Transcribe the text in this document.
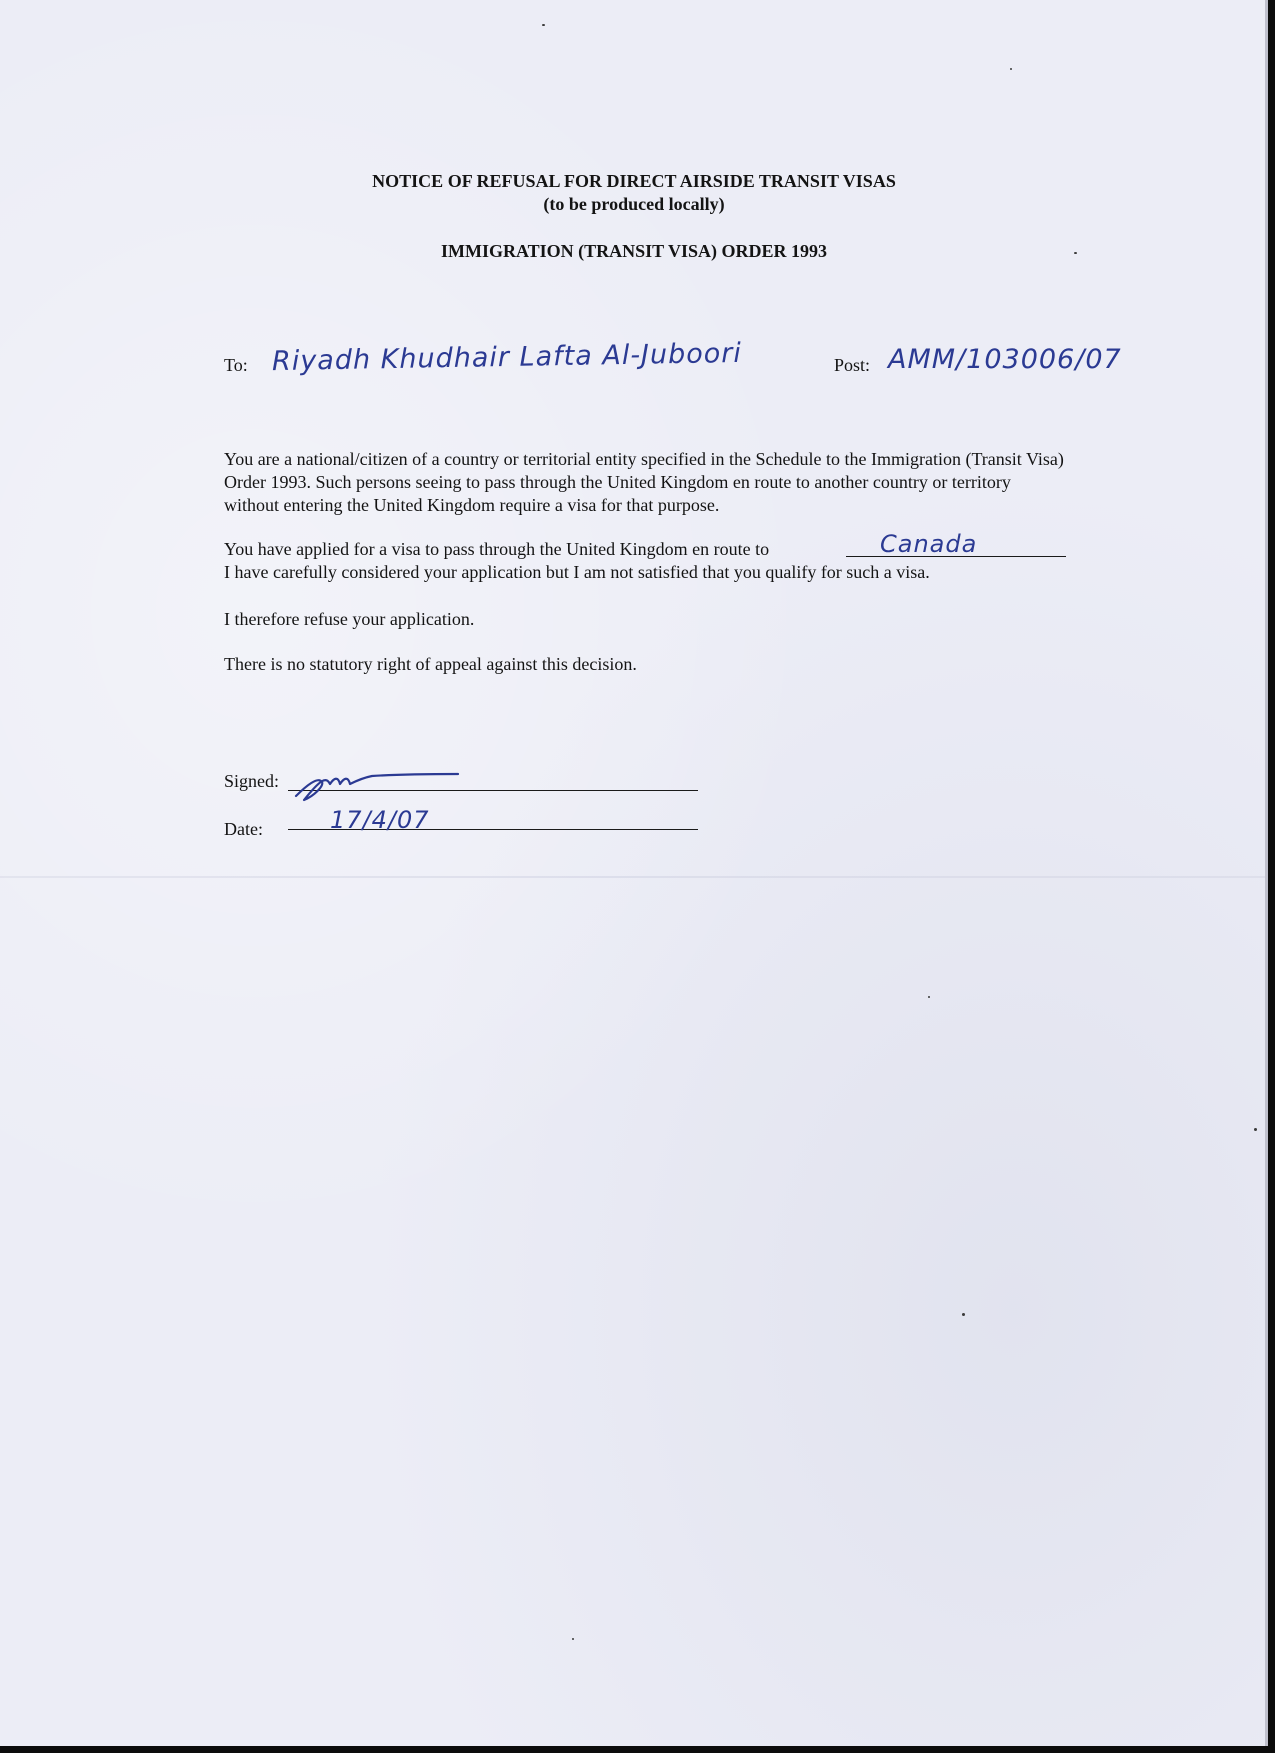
NOTICE OF REFUSAL FOR DIRECT AIRSIDE TRANSIT VISAS
(to be produced locally)
IMMIGRATION (TRANSIT VISA) ORDER 1993
To: Riyadh Khudhair Lafta Al-Juboori	Post: AMM/103006/07
You are a national/citizen of a country or territorial entity specified in the Schedule to the Immigration (Transit Visa) Order 1993. Such persons seeing to pass through the United Kingdom en route to another country or territory without entering the United Kingdom require a visa for that purpose.
You have applied for a visa to pass through the United Kingdom en route to	Canada
I have carefully considered your application but I am not satisfied that you qualify for such a visa.
I therefore refuse your application.
There is no statutory right of appeal against this decision.
Signed:
Date:	17/4/07
